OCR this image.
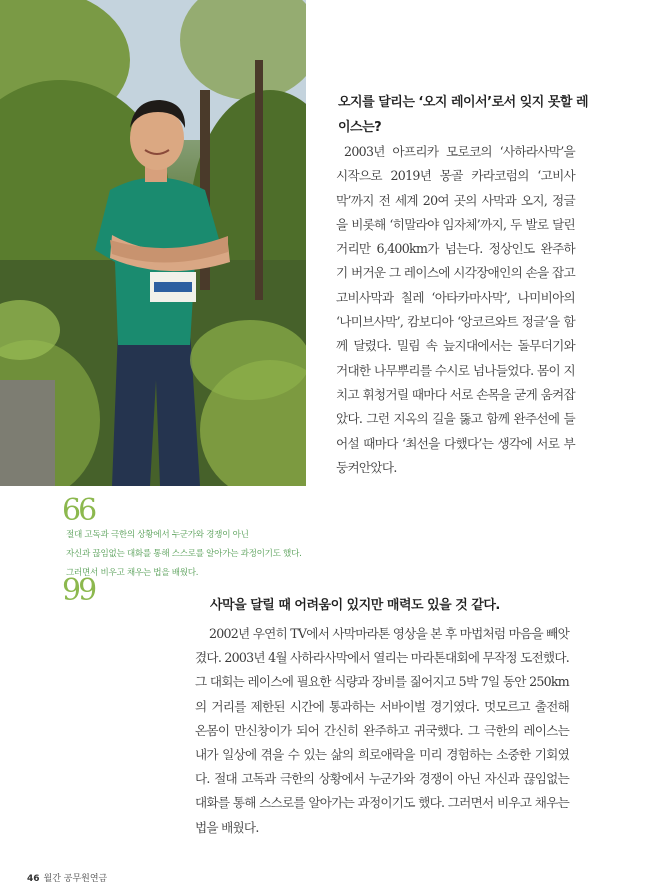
오지를 달리는 ‘오지 레이서’로서 잊지 못할 레이스는?
2003년 아프리카 모로코의 ‘사하라사막’을 시작으로 2019년 몽골 카라코럼의 ‘고비사막’까지 전 세계 20여 곳의 사막과 오지, 정글을 비롯해 ‘히말라야 임자체’까지, 두 발로 달린 거리만 6,400km가 넘는다. 정상인도 완주하기 버거운 그 레이스에 시각장애인의 손을 잡고 고비사막과 칠레 ‘아타카마사막’, 나미비아의 ‘나미브사막’, 캄보디아 ‘앙코르와트 정글’을 함께 달렸다. 밀림 속 늪지대에서는 돌무더기와 거대한 나무뿌리를 수시로 넘나들었다. 몸이 지치고 휘청거릴 때마다 서로 손목을 굳게 움켜잡았다. 그런 지옥의 길을 뚫고 함께 완주선에 들어설 때마다 ‘최선을 다했다’는 생각에 서로 부둥켜안았다.
66
절대 고독과 극한의 상황에서 누군가와 경쟁이 아닌
자신과 끊임없는 대화를 통해 스스로를 알아가는 과정이기도 했다.
그러면서 비우고 채우는 법을 배웠다.
99	사막을 달릴 때 어려움이 있지만 매력도 있을 것 같다.
2002년 우연히 TV에서 사막마라톤 영상을 본 후 마법처럼 마음을 빼앗겼다. 2003년 4월 사하라사막에서 열리는 마라톤대회에 무작정 도전했다. 그 대회는 레이스에 필요한 식량과 장비를 짊어지고 5박 7일 동안 250km의 거리를 제한된 시간에 통과하는 서바이벌 경기였다. 멋모르고 출전해 온몸이 만신창이가 되어 간신히 완주하고 귀국했다. 그 극한의 레이스는 내가 일상에 겪을 수 있는 삶의 희로애락을 미리 경험하는 소중한 기회였다. 절대 고독과 극한의 상황에서 누군가와 경쟁이 아닌 자신과 끊임없는 대화를 통해 스스로를 알아가는 과정이기도 했다. 그러면서 비우고 채우는 법을 배웠다.
46 월간 공무원연금
